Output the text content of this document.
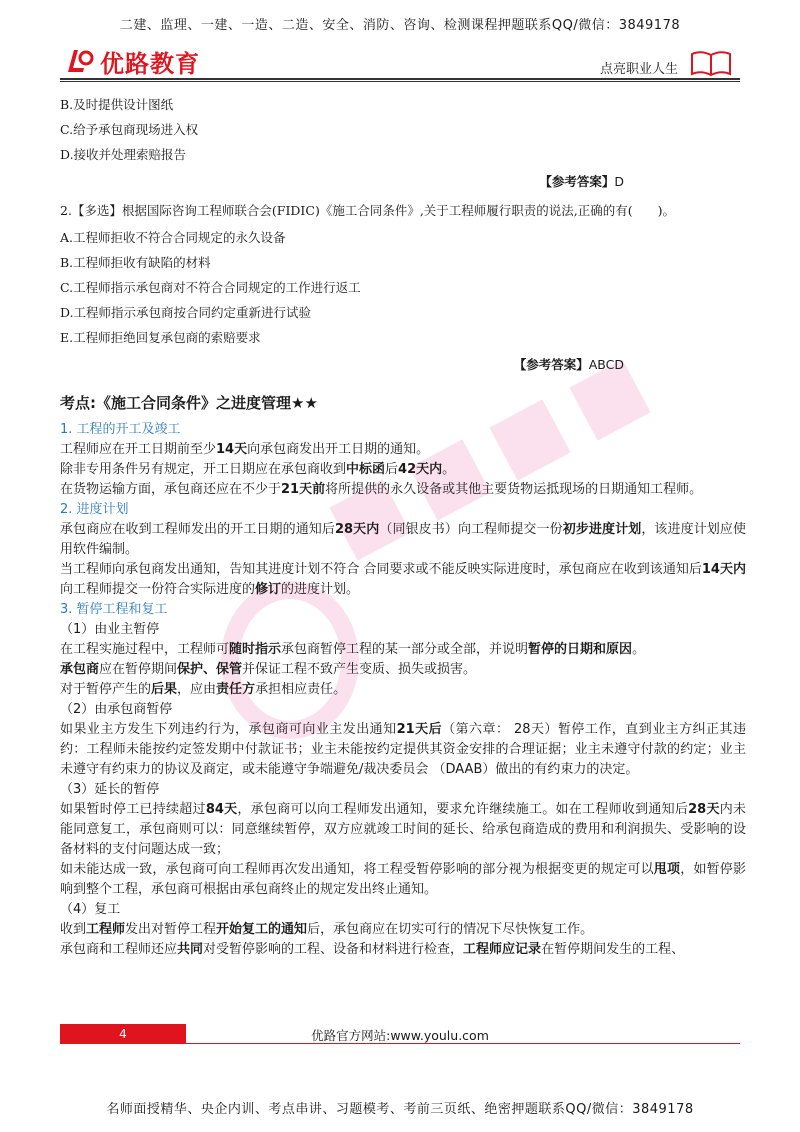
二建、监理、一建、一造、二造、安全、消防、咨询、检测课程押题联系QQ/微信：3849178
优路教育	点亮职业人生
B.及时提供设计图纸
C.给予承包商现场进入权
D.接收并处理索赔报告
【参考答案】D
2.【多选】根据国际咨询工程师联合会(FIDIC)《施工合同条件》,关于工程师履行职责的说法,正确的有(　　)。
A.工程师拒收不符合合同规定的永久设备
B.工程师拒收有缺陷的材料
C.工程师指示承包商对不符合合同规定的工作进行返工
D.工程师指示承包商按合同约定重新进行试验
E.工程师拒绝回复承包商的索赔要求
【参考答案】ABCD
考点:《施工合同条件》之进度管理★★
1. 工程的开工及竣工
工程师应在开工日期前至少14天向承包商发出开工日期的通知。
除非专用条件另有规定，开工日期应在承包商收到中标函后42天内。
在货物运输方面，承包商还应在不少于21天前将所提供的永久设备或其他主要货物运抵现场的日期通知工程师。
2. 进度计划
承包商应在收到工程师发出的开工日期的通知后28天内（同银皮书）向工程师提交一份初步进度计划，该进度计划应使用软件编制。
当工程师向承包商发出通知，告知其进度计划不符合 合同要求或不能反映实际进度时，承包商应在收到该通知后14天内向工程师提交一份符合实际进度的修订的进度计划。
3. 暂停工程和复工
（1）由业主暂停
在工程实施过程中，工程师可随时指示承包商暂停工程的某一部分或全部，并说明暂停的日期和原因。
承包商应在暂停期间保护、保管并保证工程不致产生变质、损失或损害。
对于暂停产生的后果，应由责任方承担相应责任。
（2）由承包商暂停
如果业主方发生下列违约行为，承包商可向业主发出通知21天后（第六章： 28天）暂停工作，直到业主方纠正其违约：工程师未能按约定签发期中付款证书；业主未能按约定提供其资金安排的合理证据；业主未遵守付款的约定；业主未遵守有约束力的协议及商定，或未能遵守争端避免/裁决委员会 （DAAB）做出的有约束力的决定。
（3）延长的暂停
如果暂时停工已持续超过84天，承包商可以向工程师发出通知，要求允许继续施工。如在工程师收到通知后28天内未能同意复工，承包商则可以：同意继续暂停，双方应就竣工时间的延长、给承包商造成的费用和利润损失、受影响的设备材料的支付问题达成一致；
如未能达成一致，承包商可向工程师再次发出通知，将工程受暂停影响的部分视为根据变更的规定可以甩项，如暂停影响到整个工程，承包商可根据由承包商终止的规定发出终止通知。
（4）复工
收到工程师发出对暂停工程开始复工的通知后，承包商应在切实可行的情况下尽快恢复工作。
承包商和工程师还应共同对受暂停影响的工程、设备和材料进行检查，工程师应记录在暂停期间发生的工程、
4	优路官方网站:www.youlu.com
名师面授精华、央企内训、考点串讲、习题模考、考前三页纸、绝密押题联系QQ/微信：3849178
